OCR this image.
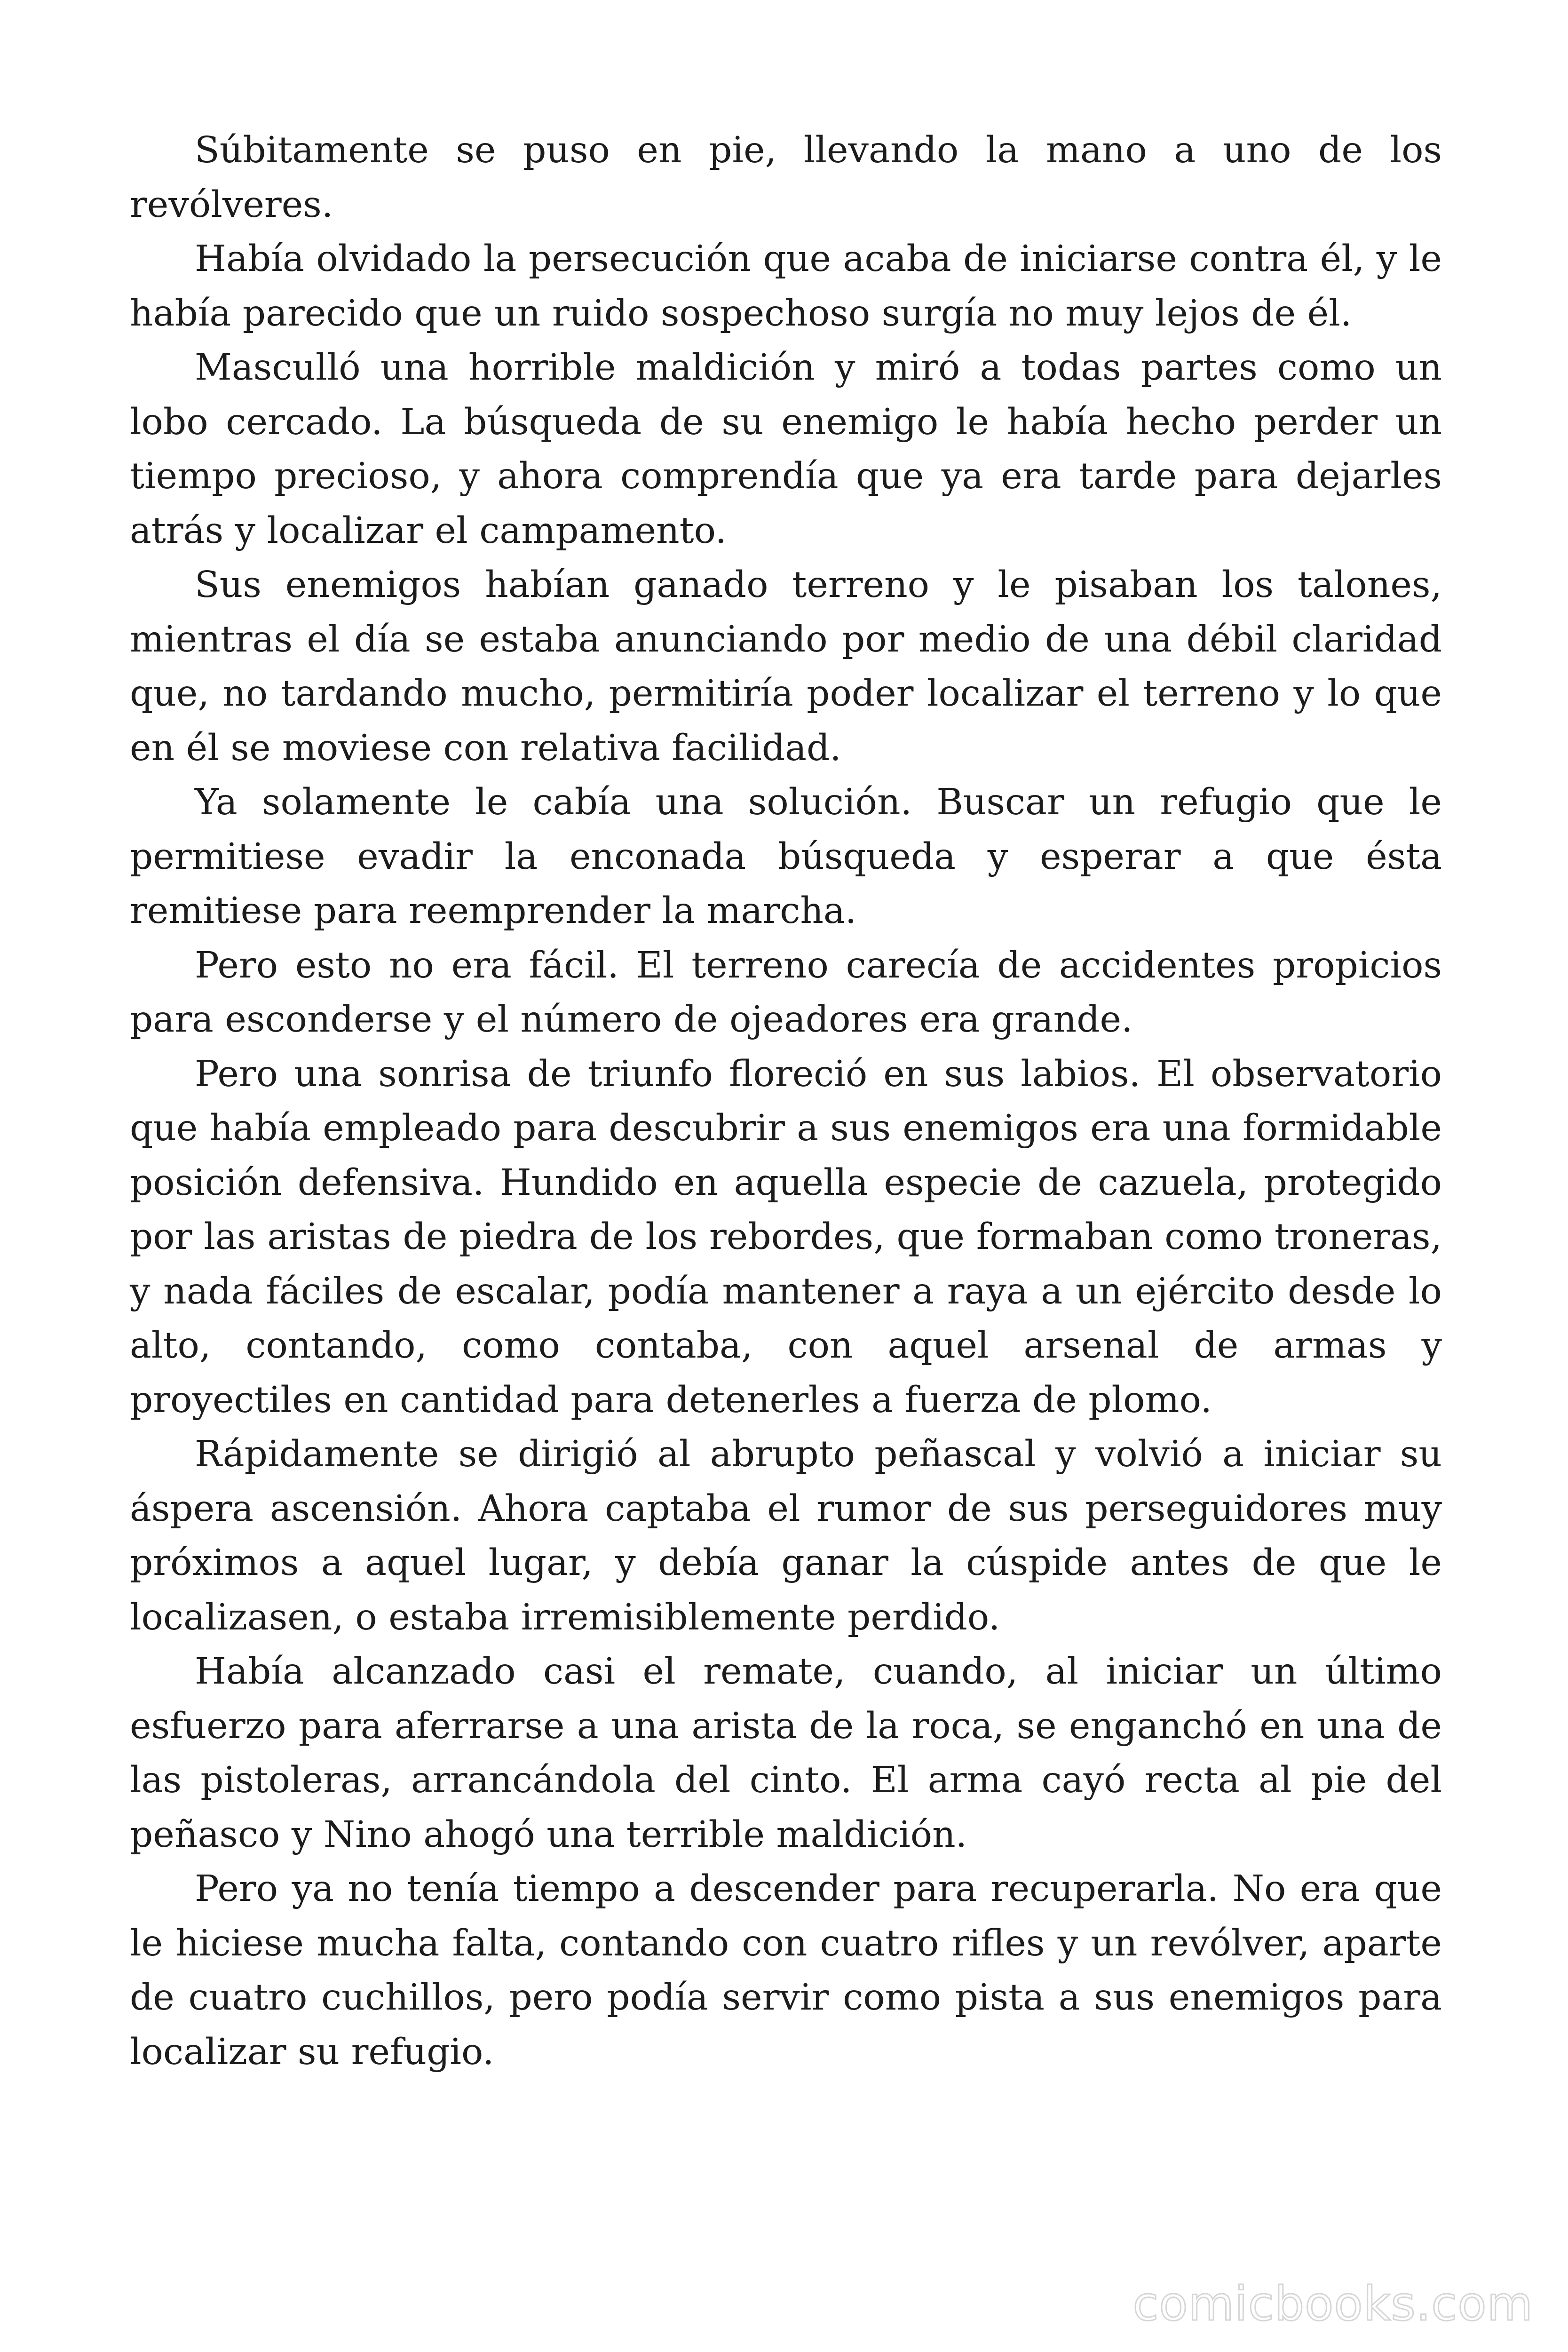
Súbitamente se puso en pie, llevando la mano a uno de los revólveres.

Había olvidado la persecución que acaba de iniciarse contra él, y le había parecido que un ruido sospechoso surgía no muy lejos de él.

Masculló una horrible maldición y miró a todas partes como un lobo cercado. La búsqueda de su enemigo le había hecho perder un tiempo precioso, y ahora comprendía que ya era tarde para dejarles atrás y localizar el campamento.

Sus enemigos habían ganado terreno y le pisaban los talones, mientras el día se estaba anunciando por medio de una débil claridad que, no tardando mucho, permitiría poder localizar el terreno y lo que en él se moviese con relativa facilidad.

Ya solamente le cabía una solución. Buscar un refugio que le permitiese evadir la enconada búsqueda y esperar a que ésta remitiese para reemprender la marcha.

Pero esto no era fácil. El terreno carecía de accidentes propicios para esconderse y el número de ojeadores era grande.

Pero una sonrisa de triunfo floreció en sus labios. El observatorio que había empleado para descubrir a sus enemigos era una formidable posición defensiva. Hundido en aquella especie de cazuela, protegido por las aristas de piedra de los rebordes, que formaban como troneras, y nada fáciles de escalar, podía mantener a raya a un ejército desde lo alto, contando, como contaba, con aquel arsenal de armas y proyectiles en cantidad para detenerles a fuerza de plomo.

Rápidamente se dirigió al abrupto peñascal y volvió a iniciar su áspera ascensión. Ahora captaba el rumor de sus perseguidores muy próximos a aquel lugar, y debía ganar la cúspide antes de que le localizasen, o estaba irremisiblemente perdido.

Había alcanzado casi el remate, cuando, al iniciar un último esfuerzo para aferrarse a una arista de la roca, se enganchó en una de las pistoleras, arrancándola del cinto. El arma cayó recta al pie del peñasco y Nino ahogó una terrible maldición.

Pero ya no tenía tiempo a descender para recuperarla. No era que le hiciese mucha falta, contando con cuatro rifles y un revólver, aparte de cuatro cuchillos, pero podía servir como pista a sus enemigos para localizar su refugio.

comicbooks.com
